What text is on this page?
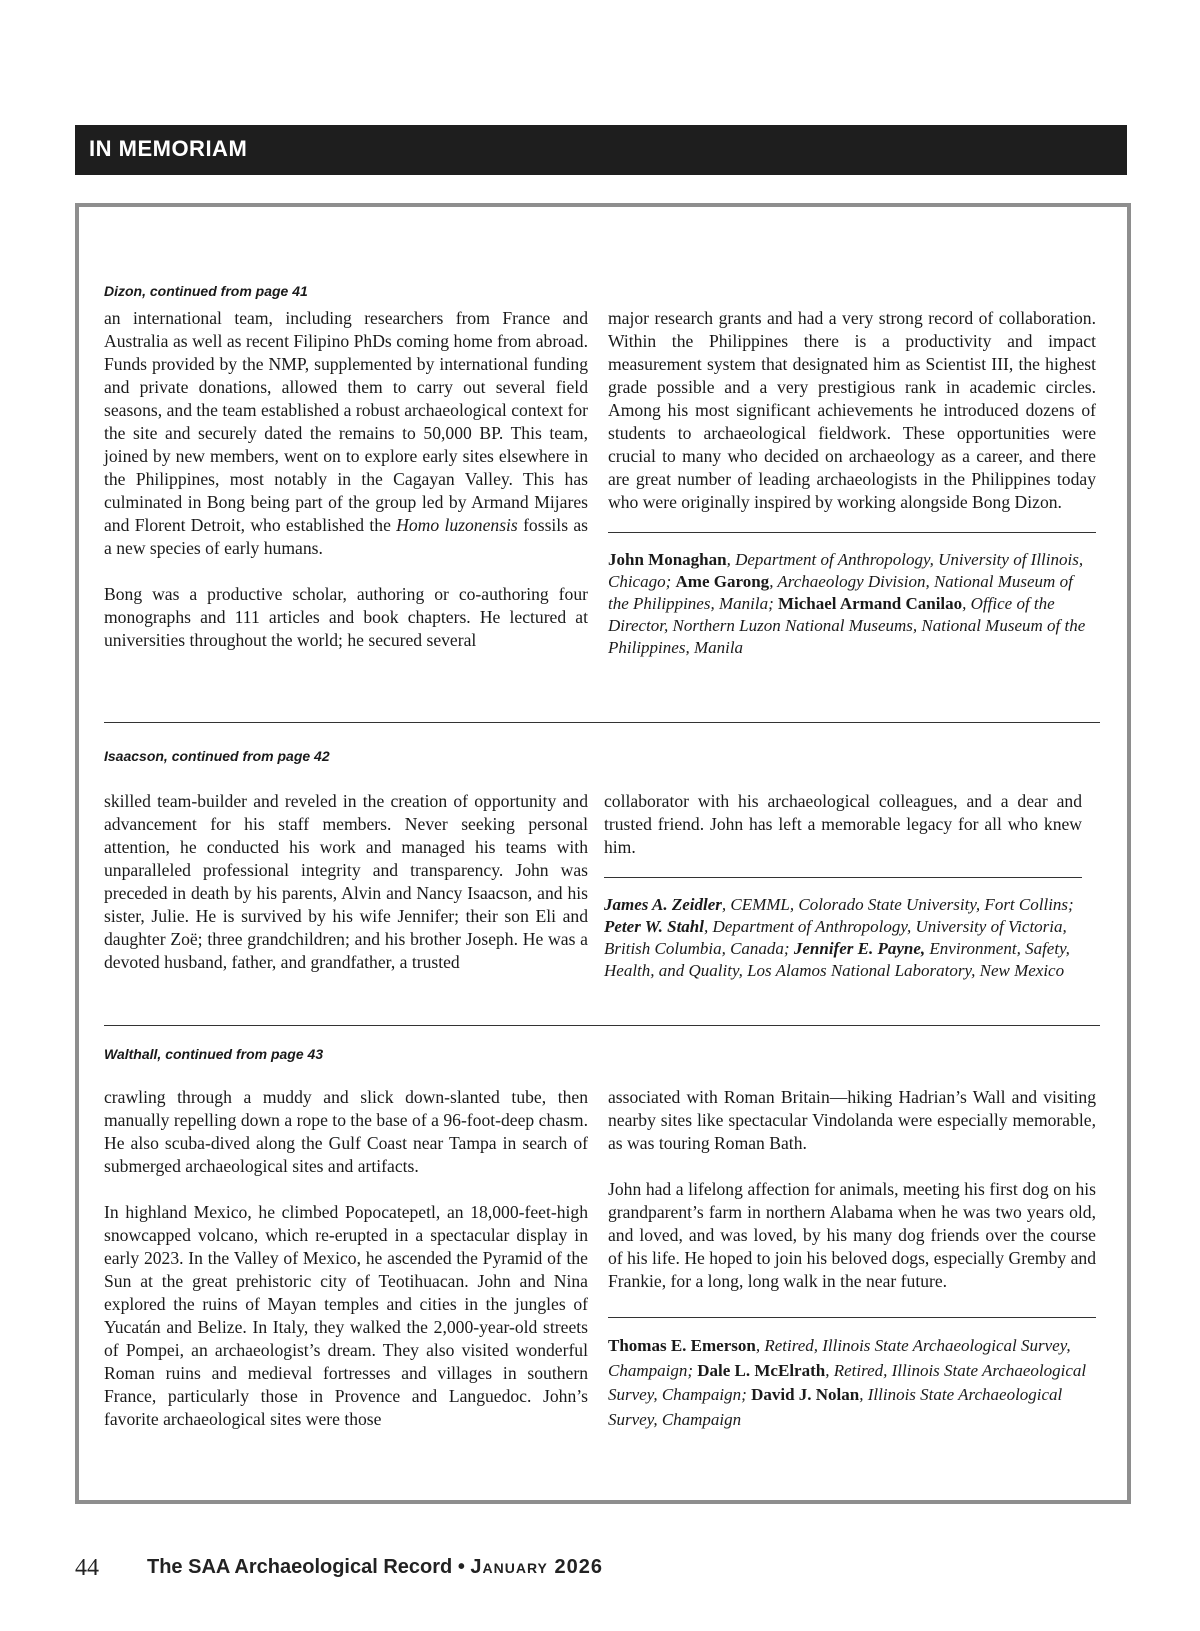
IN MEMORIAM
Dizon, continued from page 41

an international team, including researchers from France and Australia as well as recent Filipino PhDs coming home from abroad. Funds provided by the NMP, supplemented by international funding and private donations, allowed them to carry out several field seasons, and the team established a robust archaeological context for the site and securely dated the remains to 50,000 BP. This team, joined by new members, went on to explore early sites elsewhere in the Philippines, most notably in the Cagayan Valley. This has culminated in Bong being part of the group led by Armand Mijares and Florent Detroit, who established the Homo luzonensis fossils as a new species of early humans.

Bong was a productive scholar, authoring or co-authoring four monographs and 111 articles and book chapters. He lectured at universities throughout the world; he secured several

major research grants and had a very strong record of collaboration. Within the Philippines there is a productivity and impact measurement system that designated him as Scientist III, the highest grade possible and a very prestigious rank in academic circles. Among his most significant achievements he introduced dozens of students to archaeological fieldwork. These opportunities were crucial to many who decided on archaeology as a career, and there are great number of leading archaeologists in the Philippines today who were originally inspired by working alongside Bong Dizon.

John Monaghan, Department of Anthropology, University of Illinois, Chicago; Ame Garong, Archaeology Division, National Museum of the Philippines, Manila; Michael Armand Canilao, Office of the Director, Northern Luzon National Museums, National Museum of the Philippines, Manila
Isaacson, continued from page 42

skilled team-builder and reveled in the creation of opportunity and advancement for his staff members. Never seeking personal attention, he conducted his work and managed his teams with unparalleled professional integrity and transparency. John was preceded in death by his parents, Alvin and Nancy Isaacson, and his sister, Julie. He is survived by his wife Jennifer; their son Eli and daughter Zoë; three grandchildren; and his brother Joseph. He was a devoted husband, father, and grandfather, a trusted

collaborator with his archaeological colleagues, and a dear and trusted friend. John has left a memorable legacy for all who knew him.

James A. Zeidler, CEMML, Colorado State University, Fort Collins; Peter W. Stahl, Department of Anthropology, University of Victoria, British Columbia, Canada; Jennifer E. Payne, Environment, Safety, Health, and Quality, Los Alamos National Laboratory, New Mexico
Walthall, continued from page 43

crawling through a muddy and slick down-slanted tube, then manually repelling down a rope to the base of a 96-foot-deep chasm. He also scuba-dived along the Gulf Coast near Tampa in search of submerged archaeological sites and artifacts.

In highland Mexico, he climbed Popocatepetl, an 18,000-feet-high snowcapped volcano, which re-erupted in a spectacular display in early 2023. In the Valley of Mexico, he ascended the Pyramid of the Sun at the great prehistoric city of Teotihuacan. John and Nina explored the ruins of Mayan temples and cities in the jungles of Yucatán and Belize. In Italy, they walked the 2,000-year-old streets of Pompei, an archaeologist’s dream. They also visited wonderful Roman ruins and medieval fortresses and villages in southern France, particularly those in Provence and Languedoc. John’s favorite archaeological sites were those

associated with Roman Britain—hiking Hadrian’s Wall and visiting nearby sites like spectacular Vindolanda were especially memorable, as was touring Roman Bath.

John had a lifelong affection for animals, meeting his first dog on his grandparent’s farm in northern Alabama when he was two years old, and loved, and was loved, by his many dog friends over the course of his life. He hoped to join his beloved dogs, especially Gremby and Frankie, for a long, long walk in the near future.

Thomas E. Emerson, Retired, Illinois State Archaeological Survey, Champaign; Dale L. McElrath, Retired, Illinois State Archaeological Survey, Champaign; David J. Nolan, Illinois State Archaeological Survey, Champaign
44 The SAA Archaeological Record • January 2026
